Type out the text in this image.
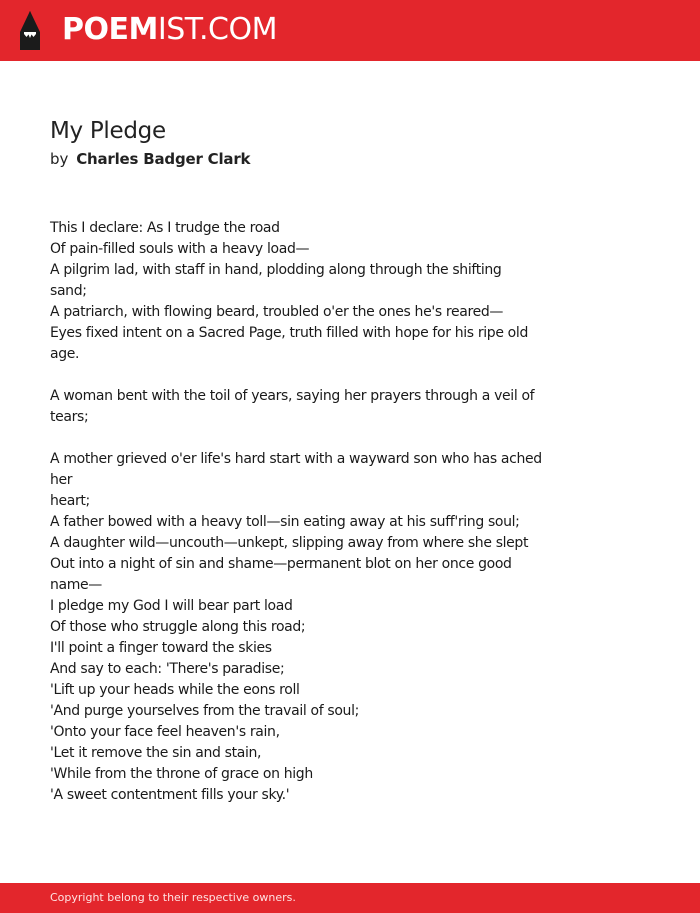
POEMIST.COM
My Pledge
by Charles Badger Clark
This I declare: As I trudge the road
Of pain-filled souls with a heavy load—
A pilgrim lad, with staff in hand, plodding along through the shifting
sand;
A patriarch, with flowing beard, troubled o'er the ones he's reared—
Eyes fixed intent on a Sacred Page, truth filled with hope for his ripe old
age.
A woman bent with the toil of years, saying her prayers through a veil of
tears;
A mother grieved o'er life's hard start with a wayward son who has ached
her
heart;
A father bowed with a heavy toll—sin eating away at his suff'ring soul;
A daughter wild—uncouth—unkept, slipping away from where she slept
Out into a night of sin and shame—permanent blot on her once good
name—
I pledge my God I will bear part load
Of those who struggle along this road;
I'll point a finger toward the skies
And say to each: 'There's paradise;
'Lift up your heads while the eons roll
'And purge yourselves from the travail of soul;
'Onto your face feel heaven's rain,
'Let it remove the sin and stain,
'While from the throne of grace on high
'A sweet contentment fills your sky.'
Copyright belong to their respective owners.
